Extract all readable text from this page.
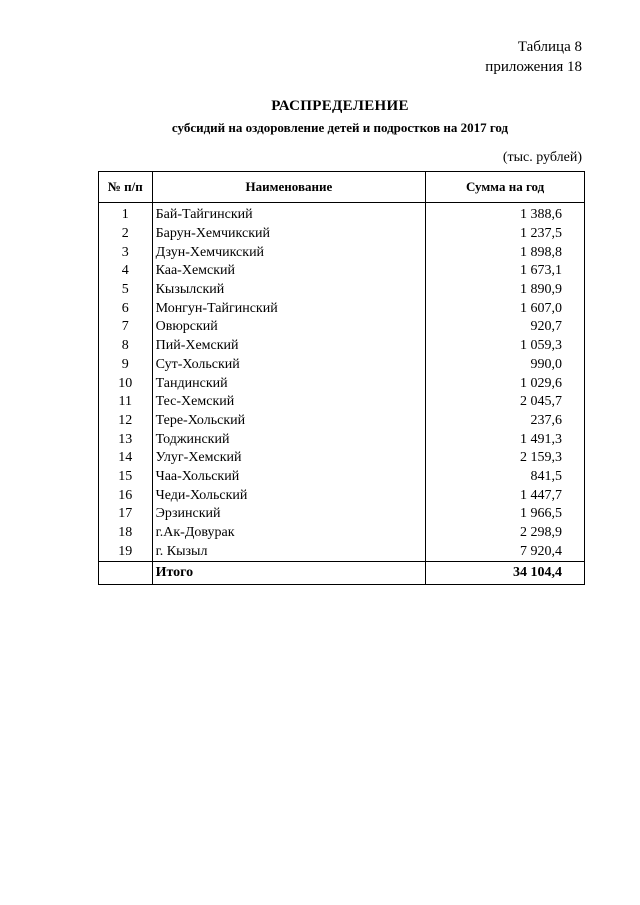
Таблица 8
приложения 18
РАСПРЕДЕЛЕНИЕ
субсидий на оздоровление детей и подростков на 2017 год
(тыс. рублей)
№ п/п	Наименование	Сумма на год
1	Бай-Тайгинский	1 388,6
2	Барун-Хемчикский	1 237,5
3	Дзун-Хемчикский	1 898,8
4	Каа-Хемский	1 673,1
5	Кызылский	1 890,9
6	Монгун-Тайгинский	1 607,0
7	Овюрский	920,7
8	Пий-Хемский	1 059,3
9	Сут-Хольский	990,0
10	Тандинский	1 029,6
11	Тес-Хемский	2 045,7
12	Тере-Хольский	237,6
13	Тоджинский	1 491,3
14	Улуг-Хемский	2 159,3
15	Чаа-Хольский	841,5
16	Чеди-Хольский	1 447,7
17	Эрзинский	1 966,5
18	г.Ак-Довурак	2 298,9
19	г. Кызыл	7 920,4
	Итого	34 104,4
